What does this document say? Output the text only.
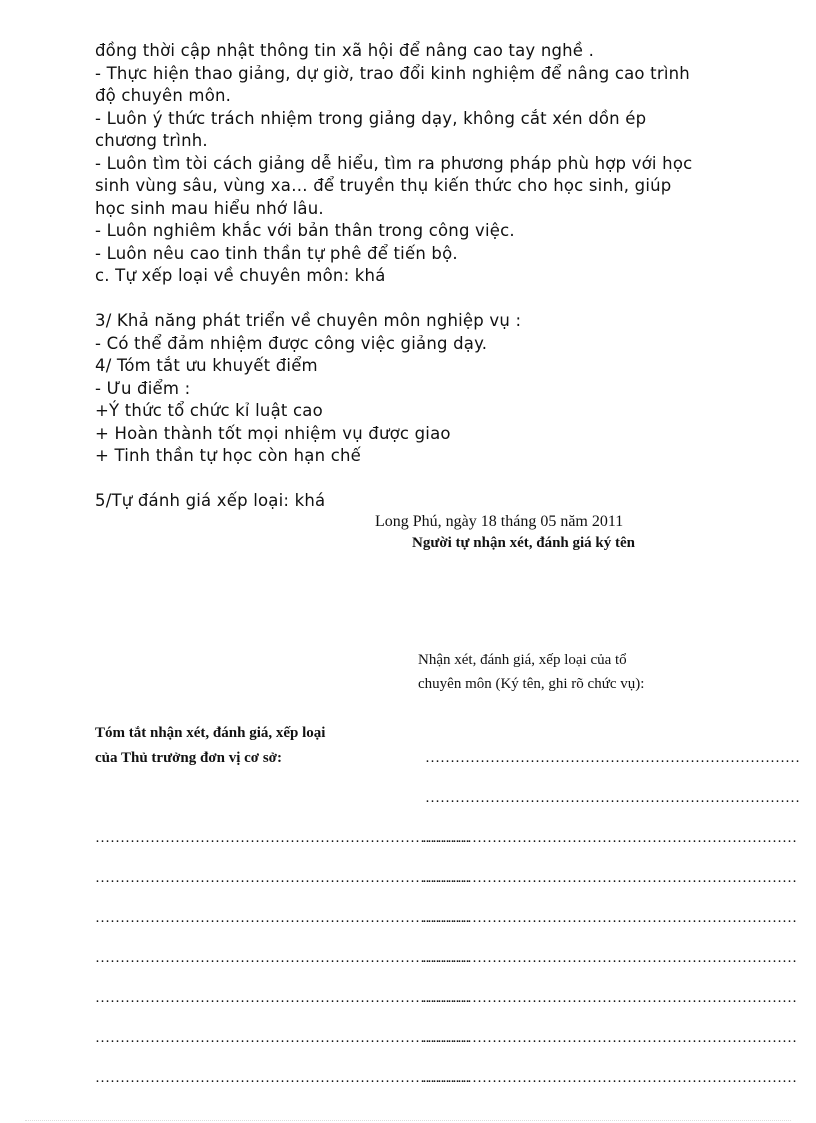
đồng thời cập nhật thông tin xã hội để nâng cao tay nghề .
- Thực hiện thao giảng, dự giờ, trao đổi kinh nghiệm để nâng cao trình
độ chuyên môn.
- Luôn ý thức trách nhiệm trong giảng dạy, không cắt xén dồn ép
chương trình.
- Luôn tìm tòi cách giảng dễ hiểu, tìm ra phương pháp phù hợp với học
sinh vùng sâu, vùng xa… để truyền thụ kiến thức cho học sinh, giúp
học sinh mau hiểu nhớ lâu.
- Luôn nghiêm khắc với bản thân trong công việc.
- Luôn nêu cao tinh thần tự phê để tiến bộ.
c. Tự xếp loại về chuyên môn: khá
3/ Khả năng phát triển về chuyên môn nghiệp vụ :
- Có thể đảm nhiệm được công việc giảng dạy.
4/ Tóm tắt ưu khuyết điểm
- Ưu điểm :
+Ý thức tổ chức kỉ luật cao
+ Hoàn thành tốt mọi nhiệm vụ được giao
+ Tinh thần tự học còn hạn chế
5/Tự đánh giá xếp loại: khá
Long Phú, ngày 18 tháng 05 năm 2011
Người tự nhận xét, đánh giá ký tên
Nhận xét, đánh giá, xếp loại của tổ
chuyên môn (Ký tên, ghi rõ chức vụ):
Tóm tắt nhận xét, đánh giá, xếp loại
của Thủ trưởng đơn vị cơ sở:	…………………………………………………………………
…………………………………………………………………
…………………………………………………………………
…………………………………………………………………
…………………………………………………………………
…………………………………………………………………
…………………………………………………………………
…………………………………………………………………
…………………………………………………………………
…………………………………………………………………
…………………………………………………………………
…………………………………………………………………
…………………………………………………………………
…………………………………………………………………
…………………………………………………………………
…………………………………………………………………
